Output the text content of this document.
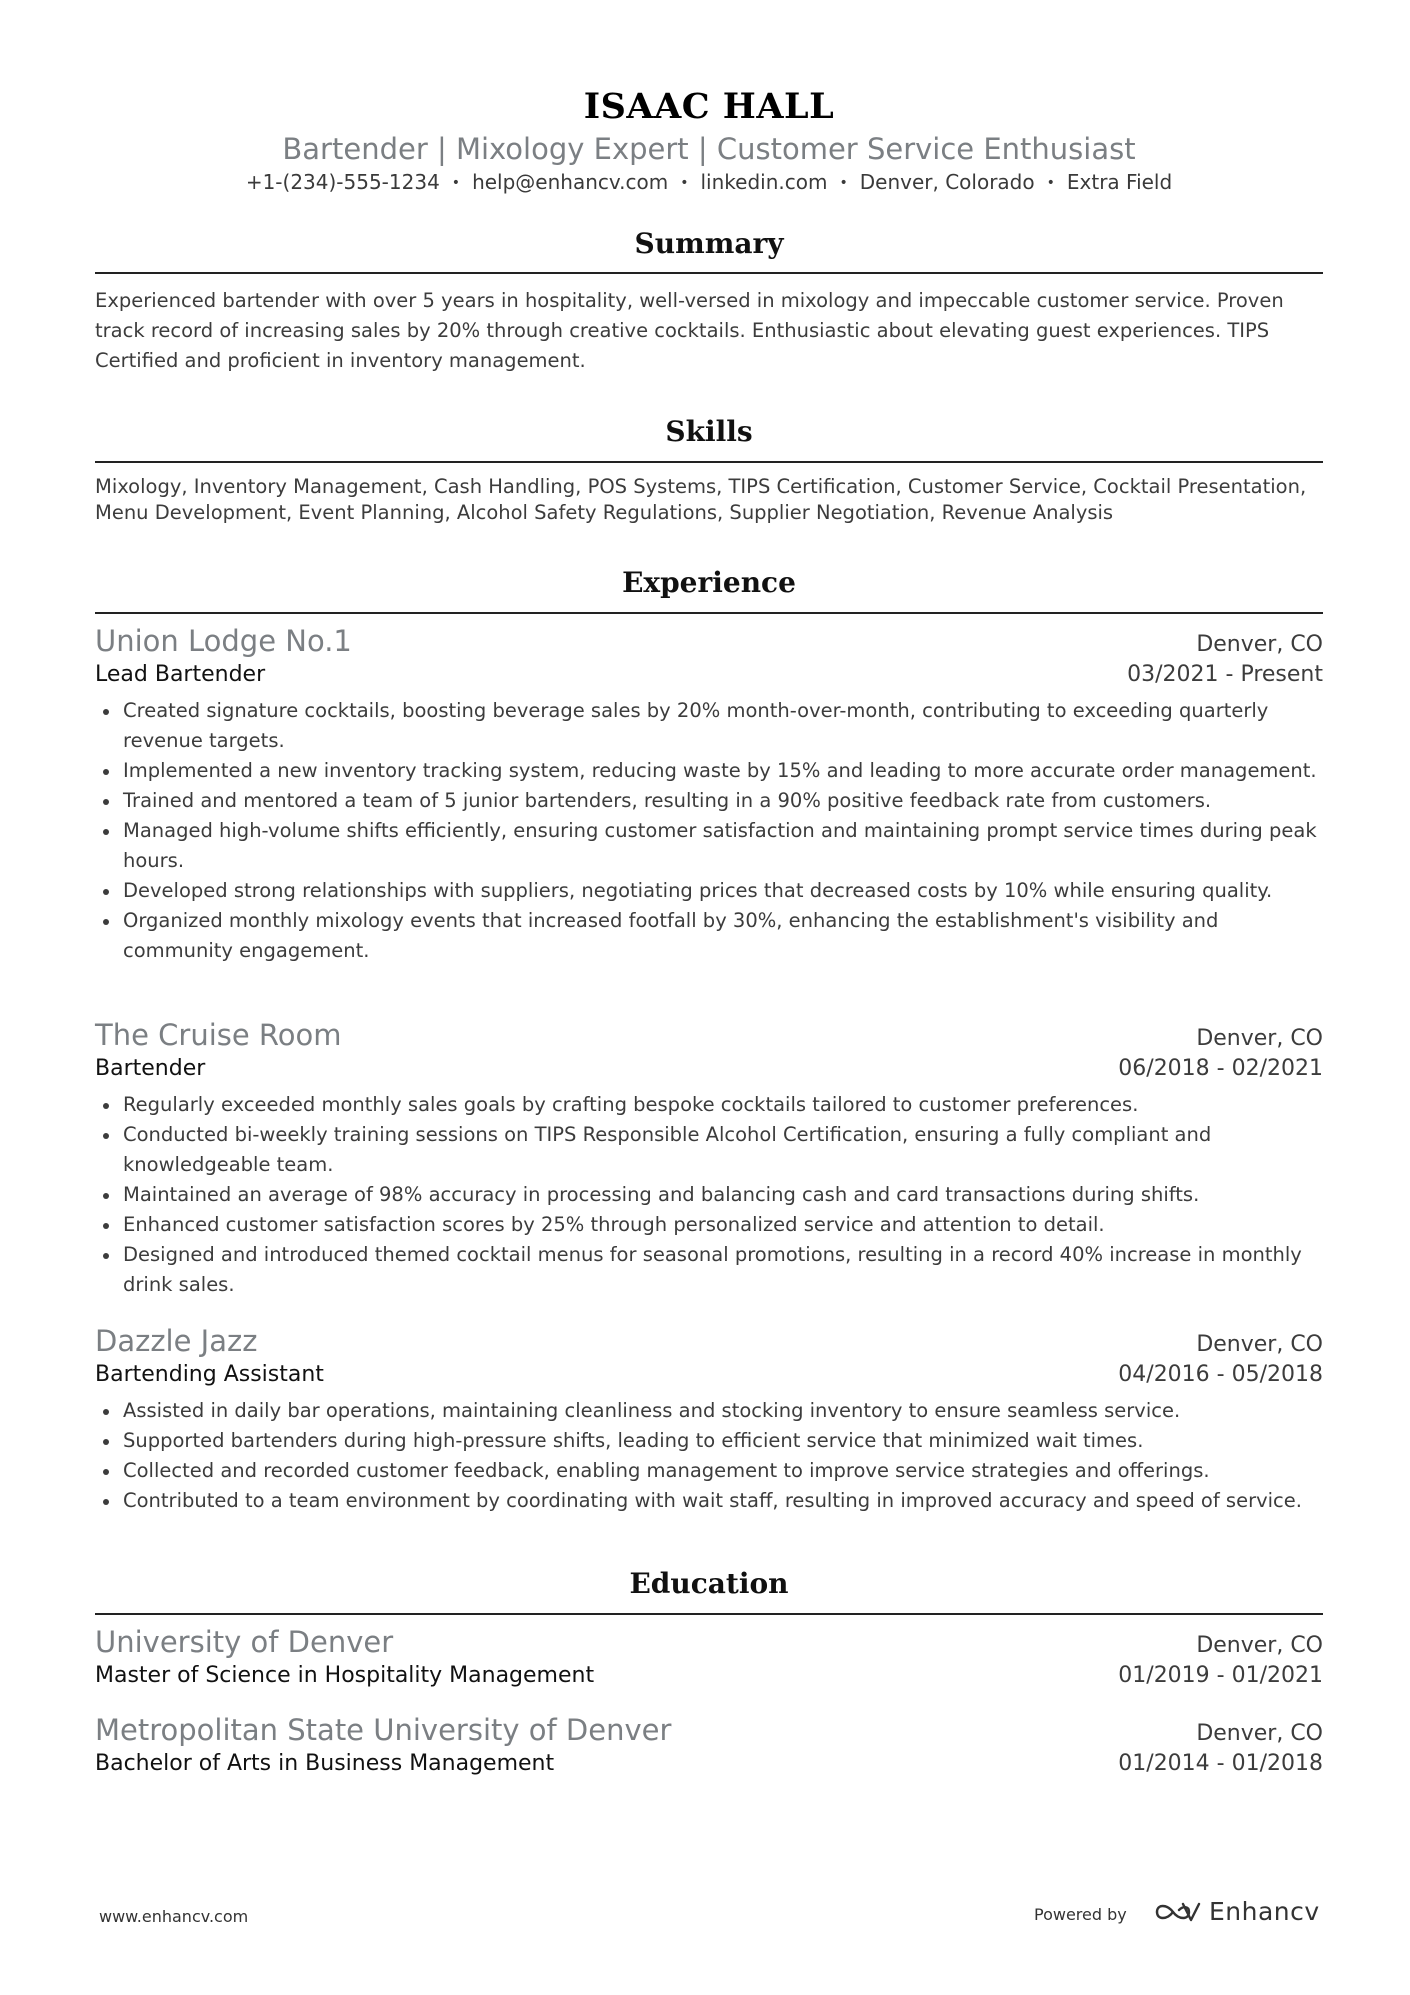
ISAAC HALL
Bartender | Mixology Expert | Customer Service Enthusiast
+1-(234)-555-1234 • help@enhancv.com • linkedin.com • Denver, Colorado • Extra Field
Summary
Experienced bartender with over 5 years in hospitality, well-versed in mixology and impeccable customer service. Proven track record of increasing sales by 20% through creative cocktails. Enthusiastic about elevating guest experiences. TIPS Certified and proficient in inventory management.
Skills
Mixology, Inventory Management, Cash Handling, POS Systems, TIPS Certification, Customer Service, Cocktail Presentation, Menu Development, Event Planning, Alcohol Safety Regulations, Supplier Negotiation, Revenue Analysis
Experience
Union Lodge No.1	Denver, CO
Lead Bartender	03/2021 - Present
Created signature cocktails, boosting beverage sales by 20% month-over-month, contributing to exceeding quarterly revenue targets.
Implemented a new inventory tracking system, reducing waste by 15% and leading to more accurate order management.
Trained and mentored a team of 5 junior bartenders, resulting in a 90% positive feedback rate from customers.
Managed high-volume shifts efficiently, ensuring customer satisfaction and maintaining prompt service times during peak hours.
Developed strong relationships with suppliers, negotiating prices that decreased costs by 10% while ensuring quality.
Organized monthly mixology events that increased footfall by 30%, enhancing the establishment's visibility and community engagement.
The Cruise Room	Denver, CO
Bartender	06/2018 - 02/2021
Regularly exceeded monthly sales goals by crafting bespoke cocktails tailored to customer preferences.
Conducted bi-weekly training sessions on TIPS Responsible Alcohol Certification, ensuring a fully compliant and knowledgeable team.
Maintained an average of 98% accuracy in processing and balancing cash and card transactions during shifts.
Enhanced customer satisfaction scores by 25% through personalized service and attention to detail.
Designed and introduced themed cocktail menus for seasonal promotions, resulting in a record 40% increase in monthly drink sales.
Dazzle Jazz	Denver, CO
Bartending Assistant	04/2016 - 05/2018
Assisted in daily bar operations, maintaining cleanliness and stocking inventory to ensure seamless service.
Supported bartenders during high-pressure shifts, leading to efficient service that minimized wait times.
Collected and recorded customer feedback, enabling management to improve service strategies and offerings.
Contributed to a team environment by coordinating with wait staff, resulting in improved accuracy and speed of service.
Education
University of Denver	Denver, CO
Master of Science in Hospitality Management	01/2019 - 01/2021
Metropolitan State University of Denver	Denver, CO
Bachelor of Arts in Business Management	01/2014 - 01/2018
www.enhancv.com	Powered by	Enhancv
